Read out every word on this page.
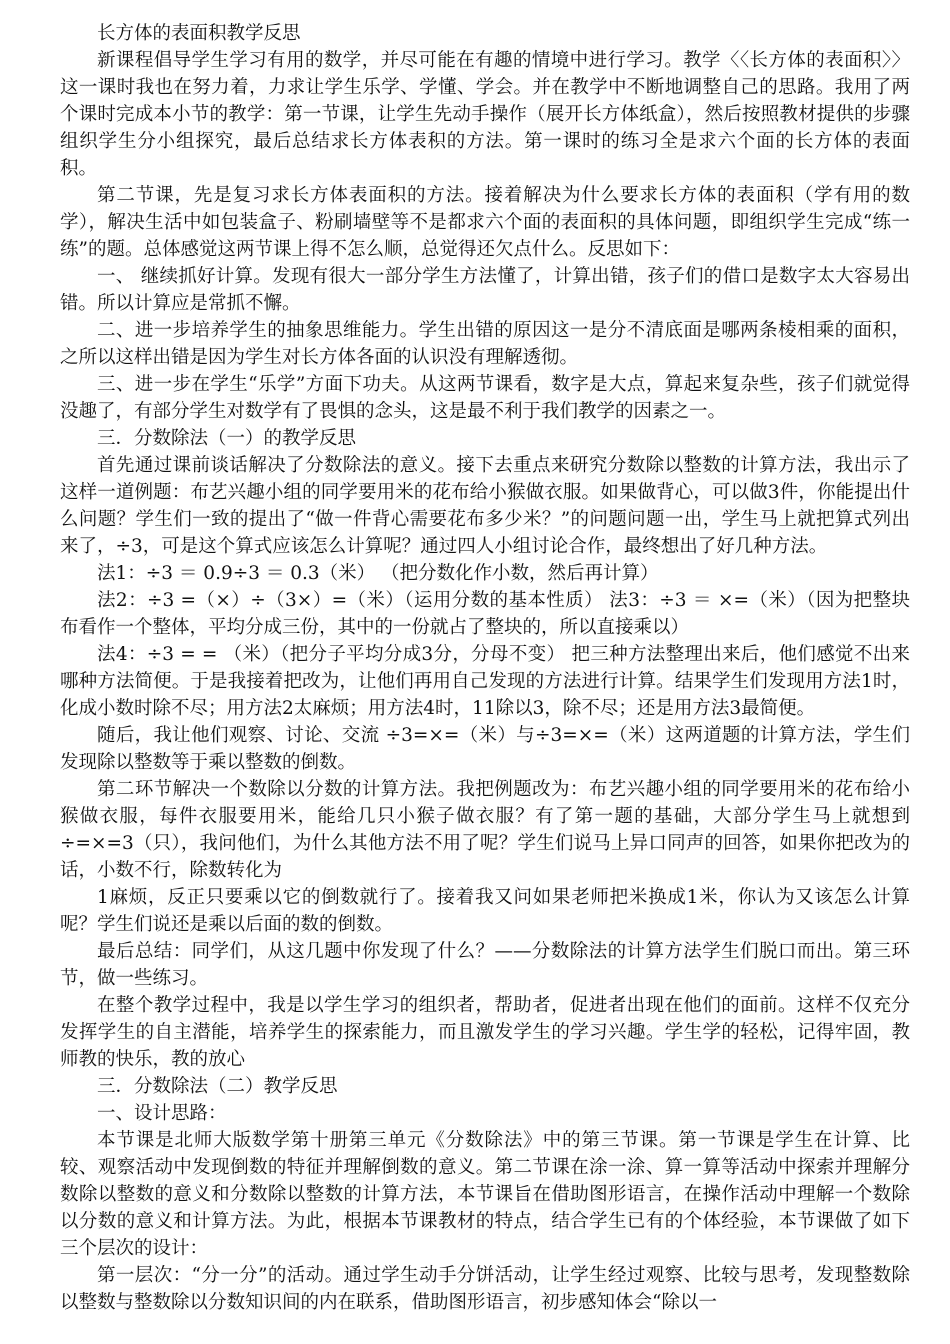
长方体的表面积教学反思

新课程倡导学生学习有用的数学，并尽可能在有趣的情境中进行学习。教学〈〈长方体的表面积〉〉这一课时我也在努力着，力求让学生乐学、学懂、学会。并在教学中不断地调整自己的思路。我用了两个课时完成本小节的教学：第一节课，让学生先动手操作（展开长方体纸盒），然后按照教材提供的步骤组织学生分小组探究，最后总结求长方体表积的方法。第一课时的练习全是求六个面的长方体的表面积。

第二节课，先是复习求长方体表面积的方法。接着解决为什么要求长方体的表面积（学有用的数学），解决生活中如包装盒子、粉刷墙壁等不是都求六个面的表面积的具体问题，即组织学生完成“练一练”的题。总体感觉这两节课上得不怎么顺，总觉得还欠点什么。反思如下：

一、 继续抓好计算。发现有很大一部分学生方法懂了，计算出错，孩子们的借口是数字太大容易出错。所以计算应是常抓不懈。

二、进一步培养学生的抽象思维能力。学生出错的原因这一是分不清底面是哪两条棱相乘的面积，之所以这样出错是因为学生对长方体各面的认识没有理解透彻。

三、进一步在学生“乐学”方面下功夫。从这两节课看，数字是大点，算起来复杂些，孩子们就觉得没趣了，有部分学生对数学有了畏惧的念头，这是最不利于我们教学的因素之一。

三．分数除法（一）的教学反思

首先通过课前谈话解决了分数除法的意义。接下去重点来研究分数除以整数的计算方法，我出示了这样一道例题：布艺兴趣小组的同学要用米的花布给小猴做衣服。如果做背心，可以做3件，你能提出什么问题？学生们一致的提出了“做一件背心需要花布多少米？”的问题问题一出，学生马上就把算式列出来了，÷3，可是这个算式应该怎么计算呢？通过四人小组讨论合作，最终想出了好几种方法。

法1：÷3 ＝ 0.9÷3 ＝ 0.3（米） （把分数化作小数，然后再计算）

法2：÷3 =（×）÷（3×）=（米）（运用分数的基本性质） 法3：÷3 ＝ ×=（米）（因为把整块布看作一个整体，平均分成三份，其中的一份就占了整块的，所以直接乘以）

法4：÷3 = = （米）（把分子平均分成3分，分母不变） 把三种方法整理出来后，他们感觉不出来哪种方法简便。于是我接着把改为，让他们再用自己发现的方法进行计算。结果学生们发现用方法1时，化成小数时除不尽；用方法2太麻烦；用方法4时，11除以3，除不尽；还是用方法3最简便。

随后，我让他们观察、讨论、交流 ÷3=×=（米）与÷3=×=（米）这两道题的计算方法，学生们发现除以整数等于乘以整数的倒数。

第二环节解决一个数除以分数的计算方法。我把例题改为：布艺兴趣小组的同学要用米的花布给小猴做衣服，每件衣服要用米，能给几只小猴子做衣服？有了第一题的基础，大部分学生马上就想到÷=×=3（只），我问他们，为什么其他方法不用了呢？学生们说马上异口同声的回答，如果你把改为的话，小数不行，除数转化为

1麻烦，反正只要乘以它的倒数就行了。接着我又问如果老师把米换成1米，你认为又该怎么计算呢？学生们说还是乘以后面的数的倒数。

最后总结：同学们，从这几题中你发现了什么？——分数除法的计算方法学生们脱口而出。第三环节，做一些练习。

在整个教学过程中，我是以学生学习的组织者，帮助者，促进者出现在他们的面前。这样不仅充分发挥学生的自主潜能，培养学生的探索能力，而且激发学生的学习兴趣。学生学的轻松，记得牢固，教师教的快乐，教的放心

三．分数除法（二）教学反思

一、设计思路：

本节课是北师大版数学第十册第三单元《分数除法》中的第三节课。第一节课是学生在计算、比较、观察活动中发现倒数的特征并理解倒数的意义。第二节课在涂一涂、算一算等活动中探索并理解分数除以整数的意义和分数除以整数的计算方法，本节课旨在借助图形语言，在操作活动中理解一个数除以分数的意义和计算方法。为此，根据本节课教材的特点，结合学生已有的个体经验，本节课做了如下三个层次的设计：

第一层次：“分一分”的活动。通过学生动手分饼活动，让学生经过观察、比较与思考，发现整数除以整数与整数除以分数知识间的内在联系，借助图形语言，初步感知体会“除以一
